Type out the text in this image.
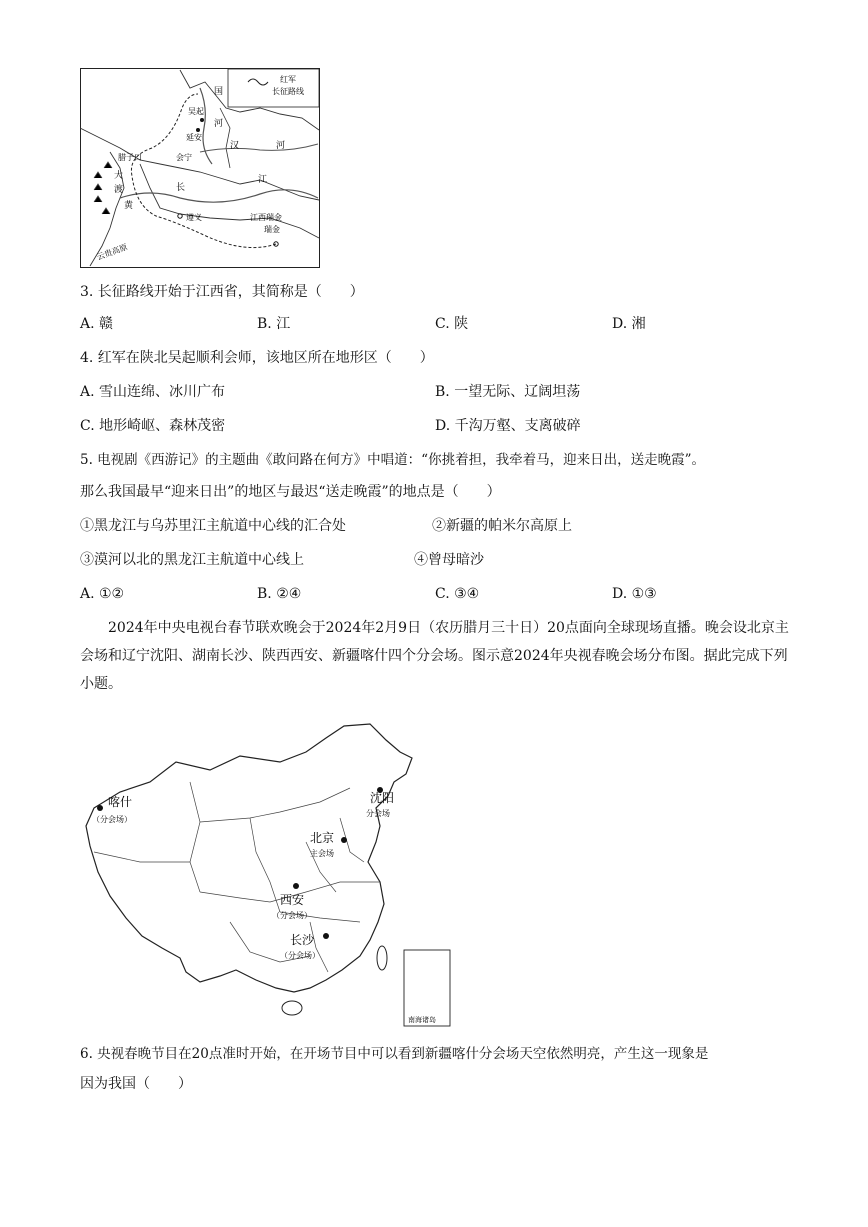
红军
长征路线
国
吴起
河
延安
腊子口	会宁
汉	河
长
江
大
渡
黄
遵义	江西瑞金
瑞金
云贵高原
3. 长征路线开始于江西省，其简称是（　　）
A. 赣	B. 江	C. 陕	D. 湘
4. 红军在陕北吴起顺利会师，该地区所在地形区（　　）
A. 雪山连绵、冰川广布	B. 一望无际、辽阔坦荡
C. 地形崎岖、森林茂密	D. 千沟万壑、支离破碎
5. 电视剧《西游记》的主题曲《敢问路在何方》中唱道：“你挑着担，我牵着马，迎来日出，送走晚霞”。
那么我国最早“迎来日出”的地区与最迟“送走晚霞”的地点是（　　）
①黑龙江与乌苏里江主航道中心线的汇合处	②新疆的帕米尔高原上
③漠河以北的黑龙江主航道中心线上	④曾母暗沙
A. ①②	B. ②④	C. ③④	D. ①③
2024年中央电视台春节联欢晚会于2024年2月9日（农历腊月三十日）20点面向全球现场直播。晚会设北京主会场和辽宁沈阳、湖南长沙、陕西西安、新疆喀什四个分会场。图示意2024年央视春晚会场分布图。据此完成下列小题。
南海诸岛
喀什
（分会场）
沈阳
分会场
北京
主会场
西安
（分会场）
长沙
（分会场）
6. 央视春晚节目在20点准时开始，在开场节目中可以看到新疆喀什分会场天空依然明亮，产生这一现象是
因为我国（　　）
